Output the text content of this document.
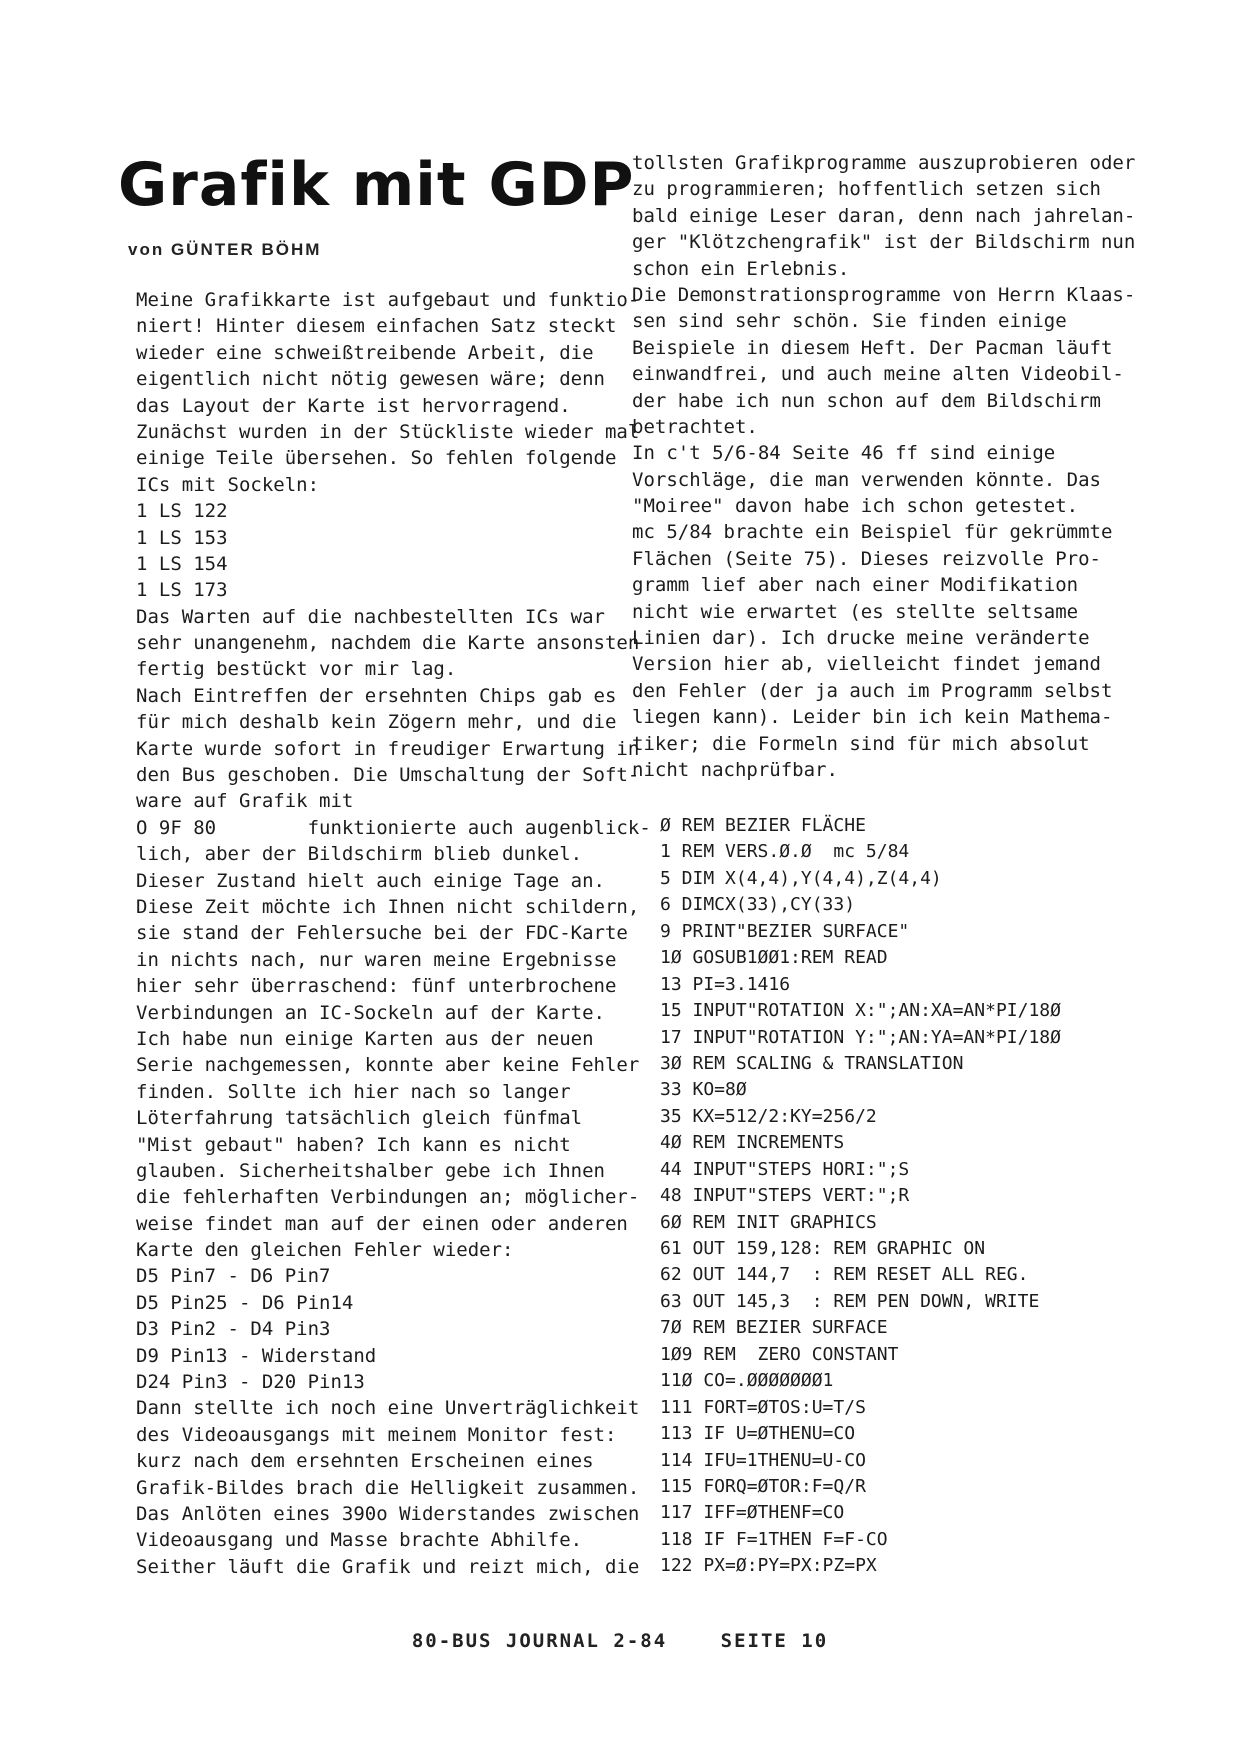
Grafik mit GDP
von GÜNTER BÖHM
Meine Grafikkarte ist aufgebaut und funktio-
niert! Hinter diesem einfachen Satz steckt
wieder eine schweißtreibende Arbeit, die
eigentlich nicht nötig gewesen wäre; denn
das Layout der Karte ist hervorragend.
Zunächst wurden in der Stückliste wieder mal
einige Teile übersehen. So fehlen folgende
ICs mit Sockeln:
1 LS 122
1 LS 153
1 LS 154
1 LS 173
Das Warten auf die nachbestellten ICs war
sehr unangenehm, nachdem die Karte ansonsten
fertig bestückt vor mir lag.
Nach Eintreffen der ersehnten Chips gab es
für mich deshalb kein Zögern mehr, und die
Karte wurde sofort in freudiger Erwartung in
den Bus geschoben. Die Umschaltung der Soft-
ware auf Grafik mit
O 9F 80        funktionierte auch augenblick-
lich, aber der Bildschirm blieb dunkel.
Dieser Zustand hielt auch einige Tage an.
Diese Zeit möchte ich Ihnen nicht schildern,
sie stand der Fehlersuche bei der FDC-Karte
in nichts nach, nur waren meine Ergebnisse
hier sehr überraschend: fünf unterbrochene
Verbindungen an IC-Sockeln auf der Karte.
Ich habe nun einige Karten aus der neuen
Serie nachgemessen, konnte aber keine Fehler
finden. Sollte ich hier nach so langer
Löterfahrung tatsächlich gleich fünfmal
"Mist gebaut" haben? Ich kann es nicht
glauben. Sicherheitshalber gebe ich Ihnen
die fehlerhaften Verbindungen an; möglicher-
weise findet man auf der einen oder anderen
Karte den gleichen Fehler wieder:
D5 Pin7 - D6 Pin7
D5 Pin25 - D6 Pin14
D3 Pin2 - D4 Pin3
D9 Pin13 - Widerstand
D24 Pin3 - D20 Pin13
Dann stellte ich noch eine Unverträglichkeit
des Videoausgangs mit meinem Monitor fest:
kurz nach dem ersehnten Erscheinen eines
Grafik-Bildes brach die Helligkeit zusammen.
Das Anlöten eines 390o Widerstandes zwischen
Videoausgang und Masse brachte Abhilfe.
Seither läuft die Grafik und reizt mich, die
tollsten Grafikprogramme auszuprobieren oder
zu programmieren; hoffentlich setzen sich
bald einige Leser daran, denn nach jahrelan-
ger "Klötzchengrafik" ist der Bildschirm nun
schon ein Erlebnis.
Die Demonstrationsprogramme von Herrn Klaas-
sen sind sehr schön. Sie finden einige
Beispiele in diesem Heft. Der Pacman läuft
einwandfrei, und auch meine alten Videobil-
der habe ich nun schon auf dem Bildschirm
betrachtet.
In c't 5/6-84 Seite 46 ff sind einige
Vorschläge, die man verwenden könnte. Das
"Moiree" davon habe ich schon getestet.
mc 5/84 brachte ein Beispiel für gekrümmte
Flächen (Seite 75). Dieses reizvolle Pro-
gramm lief aber nach einer Modifikation
nicht wie erwartet (es stellte seltsame
Linien dar). Ich drucke meine veränderte
Version hier ab, vielleicht findet jemand
den Fehler (der ja auch im Programm selbst
liegen kann). Leider bin ich kein Mathema-
tiker; die Formeln sind für mich absolut
nicht nachprüfbar.
Ø REM BEZIER FLÄCHE
1 REM VERS.Ø.Ø  mc 5/84
5 DIM X(4,4),Y(4,4),Z(4,4)
6 DIMCX(33),CY(33)
9 PRINT"BEZIER SURFACE"
1Ø GOSUB1ØØ1:REM READ
13 PI=3.1416
15 INPUT"ROTATION X:";AN:XA=AN*PI/18Ø
17 INPUT"ROTATION Y:";AN:YA=AN*PI/18Ø
3Ø REM SCALING & TRANSLATION
33 KO=8Ø
35 KX=512/2:KY=256/2
4Ø REM INCREMENTS
44 INPUT"STEPS HORI:";S
48 INPUT"STEPS VERT:";R
6Ø REM INIT GRAPHICS
61 OUT 159,128: REM GRAPHIC ON
62 OUT 144,7  : REM RESET ALL REG.
63 OUT 145,3  : REM PEN DOWN, WRITE
7Ø REM BEZIER SURFACE
1Ø9 REM  ZERO CONSTANT
11Ø CO=.ØØØØØØØ1
111 FORT=ØTOS:U=T/S
113 IF U=ØTHENU=CO
114 IFU=1THENU=U-CO
115 FORQ=ØTOR:F=Q/R
117 IFF=ØTHENF=CO
118 IF F=1THEN F=F-CO
122 PX=Ø:PY=PX:PZ=PX
80-BUS JOURNAL 2-84	SEITE 10
